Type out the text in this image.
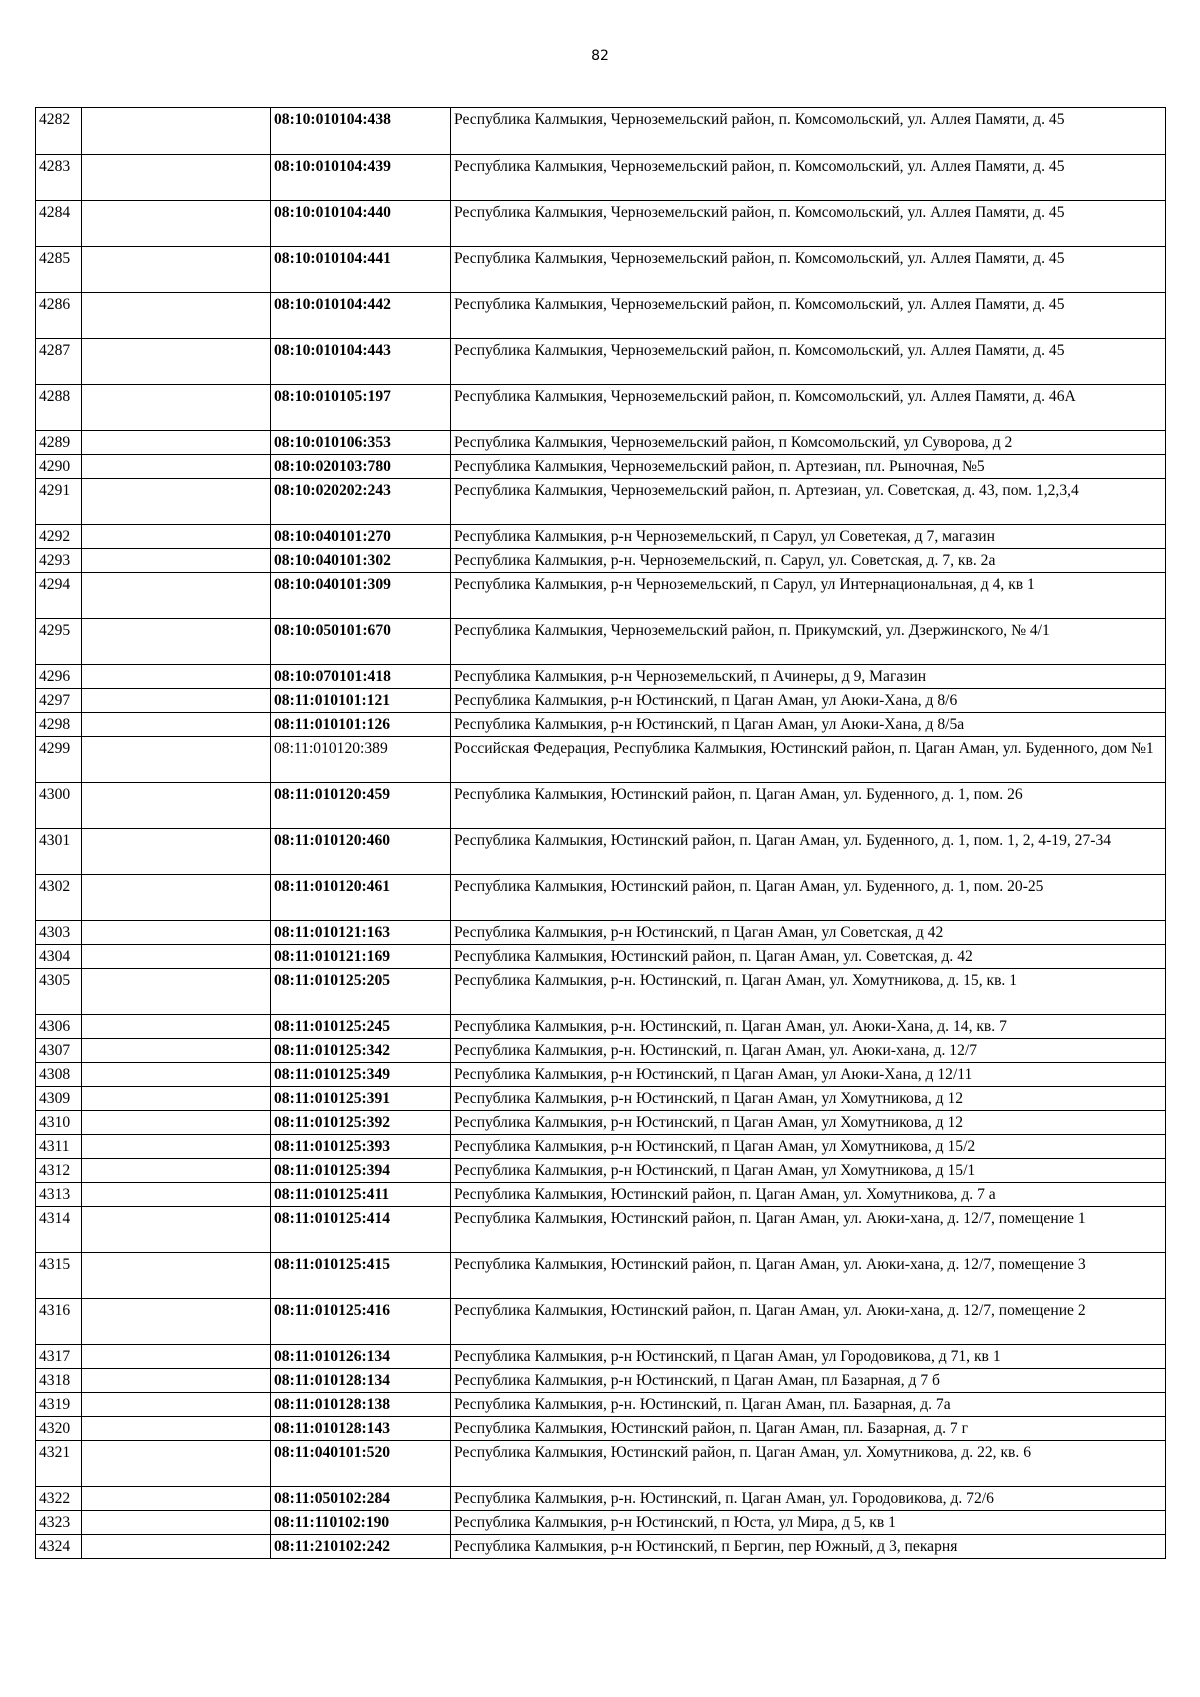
82
4282		08:10:010104:438	Республика Калмыкия, Черноземельский район, п. Комсомольский, ул. Аллея Памяти, д. 45
4283		08:10:010104:439	Республика Калмыкия, Черноземельский район, п. Комсомольский, ул. Аллея Памяти, д. 45
4284		08:10:010104:440	Республика Калмыкия, Черноземельский район, п. Комсомольский, ул. Аллея Памяти, д. 45
4285		08:10:010104:441	Республика Калмыкия, Черноземельский район, п. Комсомольский, ул. Аллея Памяти, д. 45
4286		08:10:010104:442	Республика Калмыкия, Черноземельский район, п. Комсомольский, ул. Аллея Памяти, д. 45
4287		08:10:010104:443	Республика Калмыкия, Черноземельский район, п. Комсомольский, ул. Аллея Памяти, д. 45
4288		08:10:010105:197	Республика Калмыкия, Черноземельский район, п. Комсомольский, ул. Аллея Памяти, д. 46А
4289		08:10:010106:353	Республика Калмыкия, Черноземельский район, п Комсомольский, ул Суворова, д 2
4290		08:10:020103:780	Республика Калмыкия, Черноземельский район, п. Артезиан, пл. Рыночная, №5
4291		08:10:020202:243	Республика Калмыкия, Черноземельский район, п. Артезиан, ул. Советская, д. 43, пом. 1,2,3,4
4292		08:10:040101:270	Республика Калмыкия, р-н Черноземельский, п Сарул, ул Советекая, д 7, магазин
4293		08:10:040101:302	Республика Калмыкия, р-н. Черноземельский, п. Сарул, ул. Советская, д. 7, кв. 2а
4294		08:10:040101:309	Республика Калмыкия, р-н Черноземельский, п Сарул, ул Интернациональная, д 4, кв 1
4295		08:10:050101:670	Республика Калмыкия, Черноземельский район, п. Прикумский, ул. Дзержинского, № 4/1
4296		08:10:070101:418	Республика Калмыкия, р-н Черноземельский, п Ачинеры, д 9, Магазин
4297		08:11:010101:121	Республика Калмыкия, р-н Юстинский, п Цаган Аман, ул Аюки-Хана, д 8/6
4298		08:11:010101:126	Республика Калмыкия, р-н Юстинский, п Цаган Аман, ул Аюки-Хана, д 8/5а
4299		08:11:010120:389	Российская Федерация, Республика Калмыкия, Юстинский район, п. Цаган Аман, ул. Буденного, дом №1
4300		08:11:010120:459	Республика Калмыкия, Юстинский район, п. Цаган Аман, ул. Буденного, д. 1, пом. 26
4301		08:11:010120:460	Республика Калмыкия, Юстинский район, п. Цаган Аман, ул. Буденного, д. 1, пом. 1, 2, 4-19, 27-34
4302		08:11:010120:461	Республика Калмыкия, Юстинский район, п. Цаган Аман, ул. Буденного, д. 1, пом. 20-25
4303		08:11:010121:163	Республика Калмыкия, р-н Юстинский, п Цаган Аман, ул Советская, д 42
4304		08:11:010121:169	Республика Калмыкия, Юстинский район, п. Цаган Аман, ул. Советская, д. 42
4305		08:11:010125:205	Республика Калмыкия, р-н. Юстинский, п. Цаган Аман, ул. Хомутникова, д. 15, кв. 1
4306		08:11:010125:245	Республика Калмыкия, р-н. Юстинский, п. Цаган Аман, ул. Аюки-Хана, д. 14, кв. 7
4307		08:11:010125:342	Республика Калмыкия, р-н. Юстинский, п. Цаган Аман, ул. Аюки-хана, д. 12/7
4308		08:11:010125:349	Республика Калмыкия, р-н Юстинский, п Цаган Аман, ул Аюки-Хана, д 12/11
4309		08:11:010125:391	Республика Калмыкия, р-н Юстинский, п Цаган Аман, ул Хомутникова, д 12
4310		08:11:010125:392	Республика Калмыкия, р-н Юстинский, п Цаган Аман, ул Хомутникова, д 12
4311		08:11:010125:393	Республика Калмыкия, р-н Юстинский, п Цаган Аман, ул Хомутникова, д 15/2
4312		08:11:010125:394	Республика Калмыкия, р-н Юстинский, п Цаган Аман, ул Хомутникова, д 15/1
4313		08:11:010125:411	Республика Калмыкия, Юстинский район, п. Цаган Аман, ул. Хомутникова, д. 7 а
4314		08:11:010125:414	Республика Калмыкия, Юстинский район, п. Цаган Аман, ул. Аюки-хана, д. 12/7, помещение 1
4315		08:11:010125:415	Республика Калмыкия, Юстинский район, п. Цаган Аман, ул. Аюки-хана, д. 12/7, помещение 3
4316		08:11:010125:416	Республика Калмыкия, Юстинский район, п. Цаган Аман, ул. Аюки-хана, д. 12/7, помещение 2
4317		08:11:010126:134	Республика Калмыкия, р-н Юстинский, п Цаган Аман, ул Городовикова, д 71, кв 1
4318		08:11:010128:134	Республика Калмыкия, р-н Юстинский, п Цаган Аман, пл Базарная, д 7 б
4319		08:11:010128:138	Республика Калмыкия, р-н. Юстинский, п. Цаган Аман, пл. Базарная, д. 7а
4320		08:11:010128:143	Республика Калмыкия, Юстинский район, п. Цаган Аман, пл. Базарная, д. 7 г
4321		08:11:040101:520	Республика Калмыкия, Юстинский район, п. Цаган Аман, ул. Хомутникова, д. 22, кв. 6
4322		08:11:050102:284	Республика Калмыкия, р-н. Юстинский, п. Цаган Аман, ул. Городовикова, д. 72/6
4323		08:11:110102:190	Республика Калмыкия, р-н Юстинский, п Юста, ул Мира, д 5, кв 1
4324		08:11:210102:242	Республика Калмыкия, р-н Юстинский, п Бергин, пер Южный, д 3, пекарня
